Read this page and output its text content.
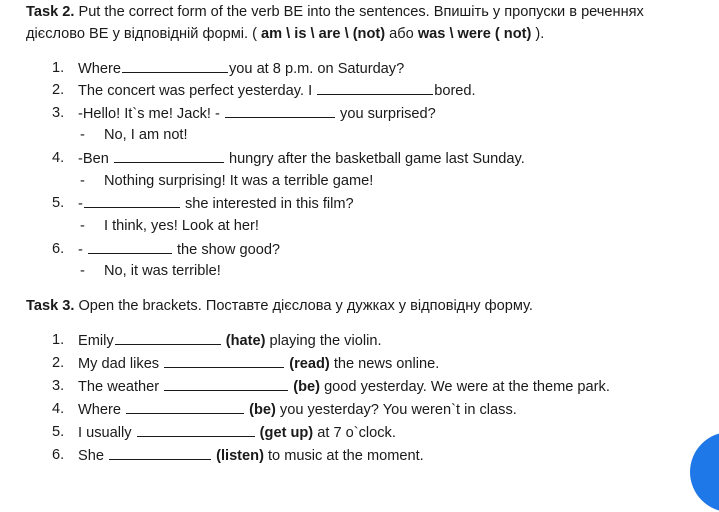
Task 2. Put the correct form of the verb BE into the sentences. Впишіть у пропуски в реченнях
дієслово BE у відповідній формі. ( am \ is \ are \ (not) або was \ were ( not) ).
1. Where	you at 8 p.m. on Saturday?
2. The concert was perfect yesterday. I	bored.
3. -Hello! It`s me! Jack! -	you surprised?
- No, I am not!
4. -Ben	hungry after the basketball game last Sunday.
- Nothing surprising! It was a terrible game!
5. -	she interested in this film?
- I think, yes! Look at her!
6. -	the show good?
- No, it was terrible!
Task 3. Open the brackets. Поставте дієслова у дужках у відповідну форму.
1. Emily	(hate) playing the violin.
2. My dad likes	(read) the news online.
3. The weather	(be) good yesterday. We were at the theme park.
4. Where	(be) you yesterday? You weren`t in class.
5. I usually	(get up) at 7 o`clock.
6. She	(listen) to music at the moment.
